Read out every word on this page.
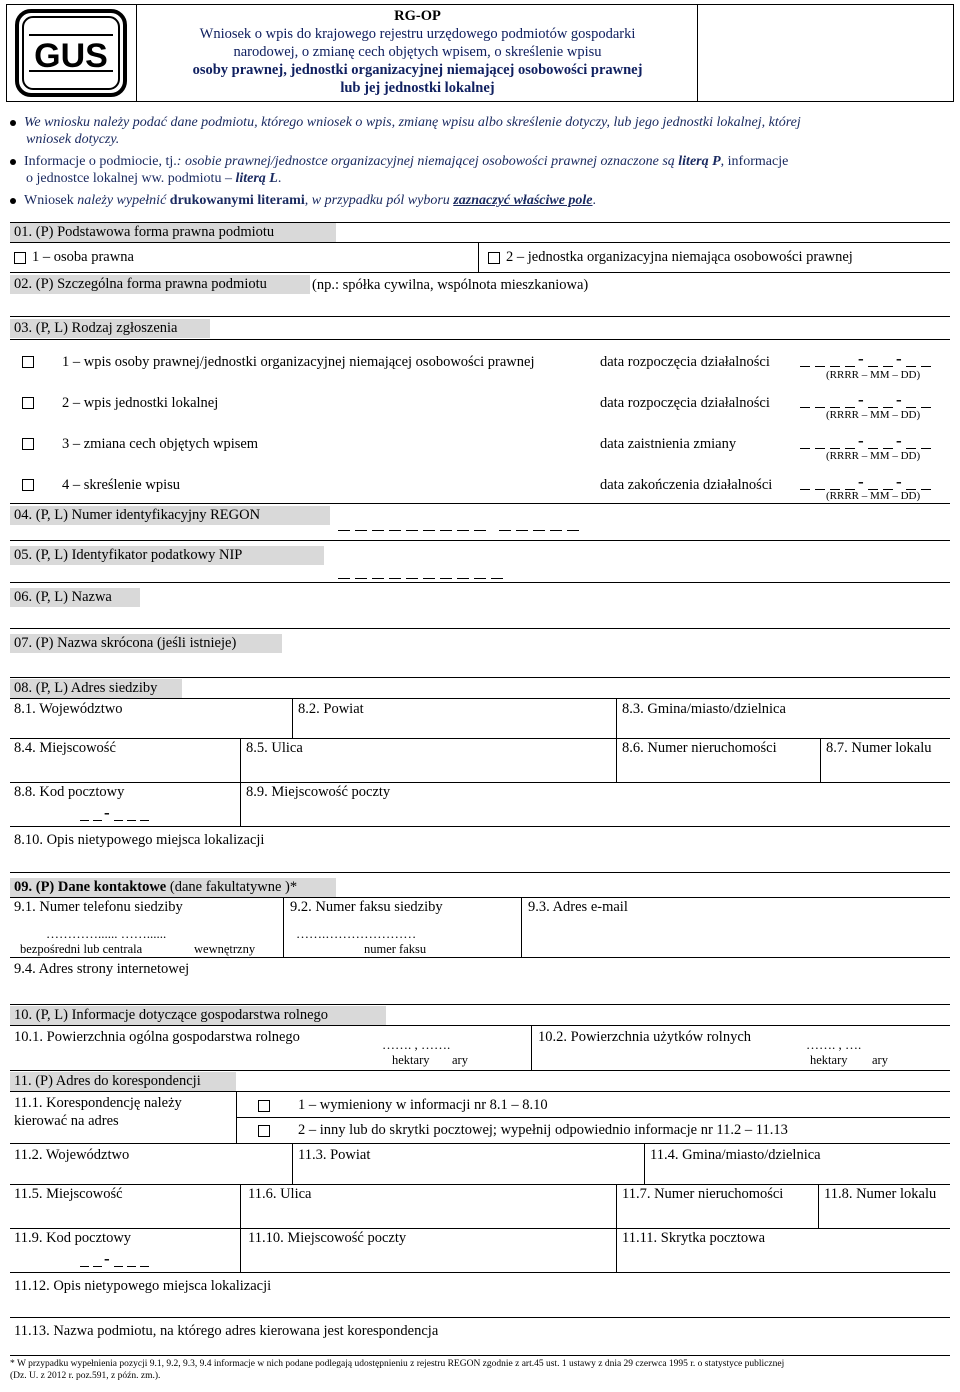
GUS
RG-OP
Wniosek o wpis do krajowego rejestru urzędowego podmiotów gospodarki
narodowej, o zmianę cech objętych wpisem, o skreślenie wpisu
osoby prawnej, jednostki organizacyjnej niemającej osobowości prawnej
lub jej jednostki lokalnej
We wniosku należy podać dane podmiotu, którego wniosek o wpis, zmianę wpisu albo skreślenie dotyczy, lub jego jednostki lokalnej, której
wniosek dotyczy.
Informacje o podmiocie, tj.: osobie prawnej/jednostce organizacyjnej niemającej osobowości prawnej oznaczone są literą P, informacje
o jednostce lokalnej ww. podmiotu – literą L.
Wniosek należy wypełnić drukowanymi literami, w przypadku pól wyboru zaznaczyć właściwe pole.
01. (P) Podstawowa forma prawna podmiotu
1 – osoba prawna	2 – jednostka organizacyjna niemająca osobowości prawnej
02. (P) Szczególna forma prawna podmiotu	(np.: spółka cywilna, wspólnota mieszkaniowa)
03. (P, L) Rodzaj zgłoszenia
1 – wpis osoby prawnej/jednostki organizacyjnej niemającej osobowości prawnej	data rozpoczęcia działalności	- -
(RRRR – MM – DD)
2 – wpis jednostki lokalnej	data rozpoczęcia działalności	- -
(RRRR – MM – DD)
3 – zmiana cech objętych wpisem	data zaistnienia zmiany	- -
(RRRR – MM – DD)
4 – skreślenie wpisu	data zakończenia działalności	- -
(RRRR – MM – DD)
04. (P, L) Numer identyfikacyjny REGON
05. (P, L) Identyfikator podatkowy NIP
06. (P, L) Nazwa
07. (P) Nazwa skrócona (jeśli istnieje)
08. (P, L) Adres siedziby
8.1. Województwo	8.2. Powiat	8.3. Gmina/miasto/dzielnica
8.4. Miejscowość	8.5. Ulica	8.6. Numer nieruchomości	8.7. Numer lokalu
8.8. Kod pocztowy
-
8.9. Miejscowość poczty
8.10. Opis nietypowego miejsca lokalizacji
09. (P) Dane kontaktowe (dane fakultatywne )*
9.1. Numer telefonu siedziby	9.2. Numer faksu siedziby	9.3. Adres e-mail
…………...... ……......
bezpośredni lub centrala	wewnętrzny
…….…………………
numer faksu
9.4. Adres strony internetowej
10. (P, L) Informacje dotyczące gospodarstwa rolnego
10.1. Powierzchnia ogólna gospodarstwa rolnego	……. , …….
hektary ary
10.2. Powierzchnia użytków rolnych	……. , ….
hektary ary
11. (P) Adres do korespondencji
11.1. Korespondencję należy
kierować na adres
1 – wymieniony w informacji nr 8.1 – 8.10
2 – inny lub do skrytki pocztowej; wypełnij odpowiednio informacje nr 11.2 – 11.13
11.2. Województwo	11.3. Powiat	11.4. Gmina/miasto/dzielnica
11.5. Miejscowość	11.6. Ulica	11.7. Numer nieruchomości	11.8. Numer lokalu
11.9. Kod pocztowy
-
11.10. Miejscowość poczty	11.11. Skrytka pocztowa
11.12. Opis nietypowego miejsca lokalizacji
11.13. Nazwa podmiotu, na którego adres kierowana jest korespondencja
* W przypadku wypełnienia pozycji 9.1, 9.2, 9.3, 9.4 informacje w nich podane podlegają udostępnieniu z rejestru REGON zgodnie z art.45 ust. 1 ustawy z dnia 29 czerwca 1995 r. o statystyce publicznej
(Dz. U. z 2012 r. poz.591, z późn. zm.).
